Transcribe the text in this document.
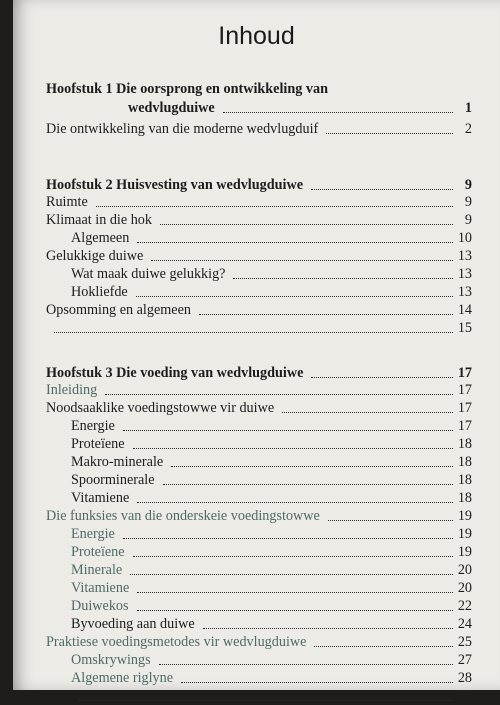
Inhoud
Hoofstuk 1 Die oorsprong en ontwikkeling van
wedvlugduiwe	1
Die ontwikkeling van die moderne wedvlugduif	2
Hoofstuk 2 Huisvesting van wedvlugduiwe	9
Ruimte	9
Klimaat in die hok	9
Algemeen	10
Gelukkige duiwe	13
Wat maak duiwe gelukkig?	13
Hokliefde	13
Opsomming en algemeen	14
15
Hoofstuk 3 Die voeding van wedvlugduiwe	17
Inleiding	17
Noodsaaklike voedingstowwe vir duiwe	17
Energie	17
Proteïene	18
Makro-minerale	18
Spoorminerale	18
Vitamiene	18
Die funksies van die onderskeie voedingstowwe	19
Energie	19
Proteïene	19
Minerale	20
Vitamiene	20
Duiwekos	22
Byvoeding aan duiwe	24
Praktiese voedingsmetodes vir wedvlugduiwe	25
Omskrywings	27
Algemene riglyne	28
29
